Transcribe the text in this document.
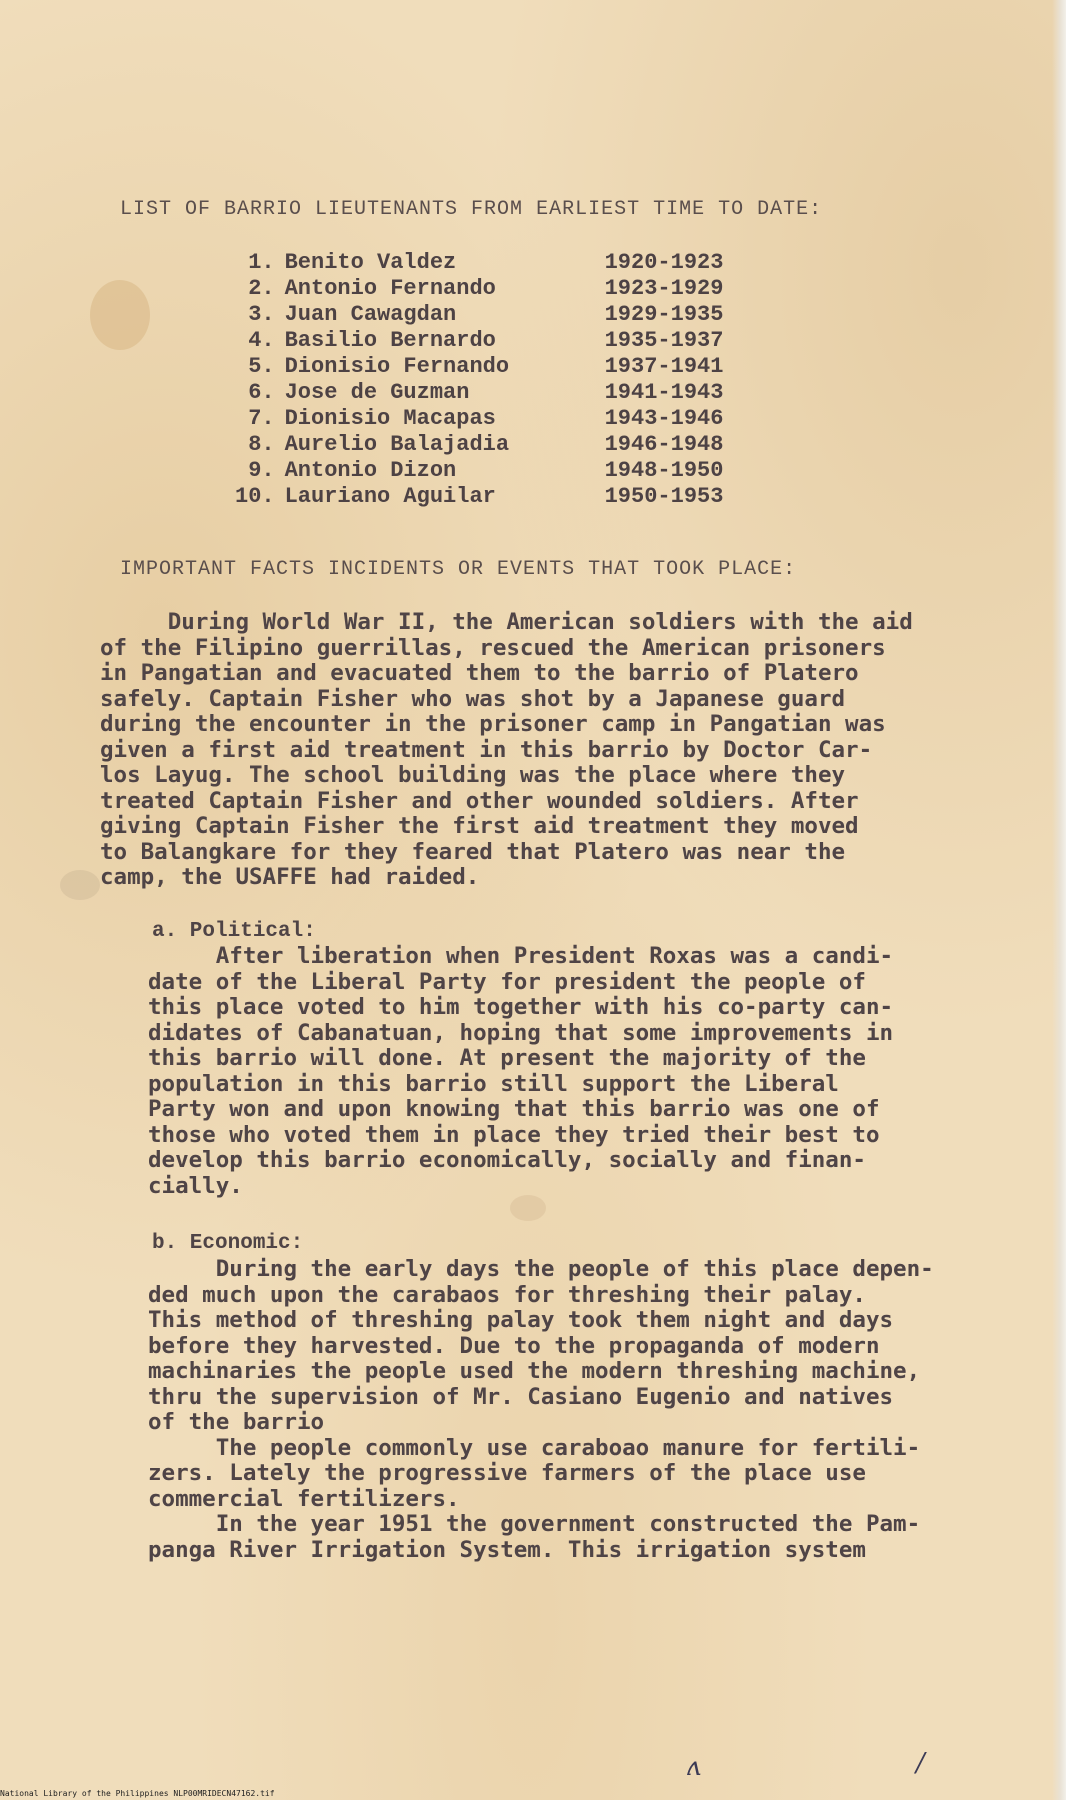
LIST OF BARRIO LIEUTENANTS FROM EARLIEST TIME TO DATE:
1.	Benito Valdez	1920-1923
2.	Antonio Fernando	1923-1929
3.	Juan Cawagdan	1929-1935
4.	Basilio Bernardo	1935-1937
5.	Dionisio Fernando	1937-1941
6.	Jose de Guzman	1941-1943
7.	Dionisio Macapas	1943-1946
8.	Aurelio Balajadia	1946-1948
9.	Antonio Dizon	1948-1950
10.	Lauriano Aguilar	1950-1953
IMPORTANT FACTS INCIDENTS OR EVENTS THAT TOOK PLACE:
During World War II, the American soldiers with the aid
of the Filipino guerrillas, rescued the American prisoners
in Pangatian and evacuated them to the barrio of Platero
safely. Captain Fisher who was shot by a Japanese guard
during the encounter in the prisoner camp in Pangatian was
given a first aid treatment in this barrio by Doctor Car-
los Layug. The school building was the place where they
treated Captain Fisher and other wounded soldiers. After
giving Captain Fisher the first aid treatment they moved
to Balangkare for they feared that Platero was near the
camp, the USAFFE had raided.
a. Political:
After liberation when President Roxas was a candi-
date of the Liberal Party for president the people of
this place voted to him together with his co-party can-
didates of Cabanatuan, hoping that some improvements in
this barrio will done. At present the majority of the
population in this barrio still support the Liberal
Party won and upon knowing that this barrio was one of
those who voted them in place they tried their best to
develop this barrio economically, socially and finan-
cially.
b. Economic:
During the early days the people of this place depen-
ded much upon the carabaos for threshing their palay.
This method of threshing palay took them night and days
before they harvested. Due to the propaganda of modern
machinaries the people used the modern threshing machine,
thru the supervision of Mr. Casiano Eugenio and natives
of the barrio
The people commonly use caraboao manure for fertili-
zers. Lately the progressive farmers of the place use
commercial fertilizers.
In the year 1951 the government constructed the Pam-
panga River Irrigation System. This irrigation system
ʌ	/
National Library of the Philippines NLP00MRIDECN47162.tif
